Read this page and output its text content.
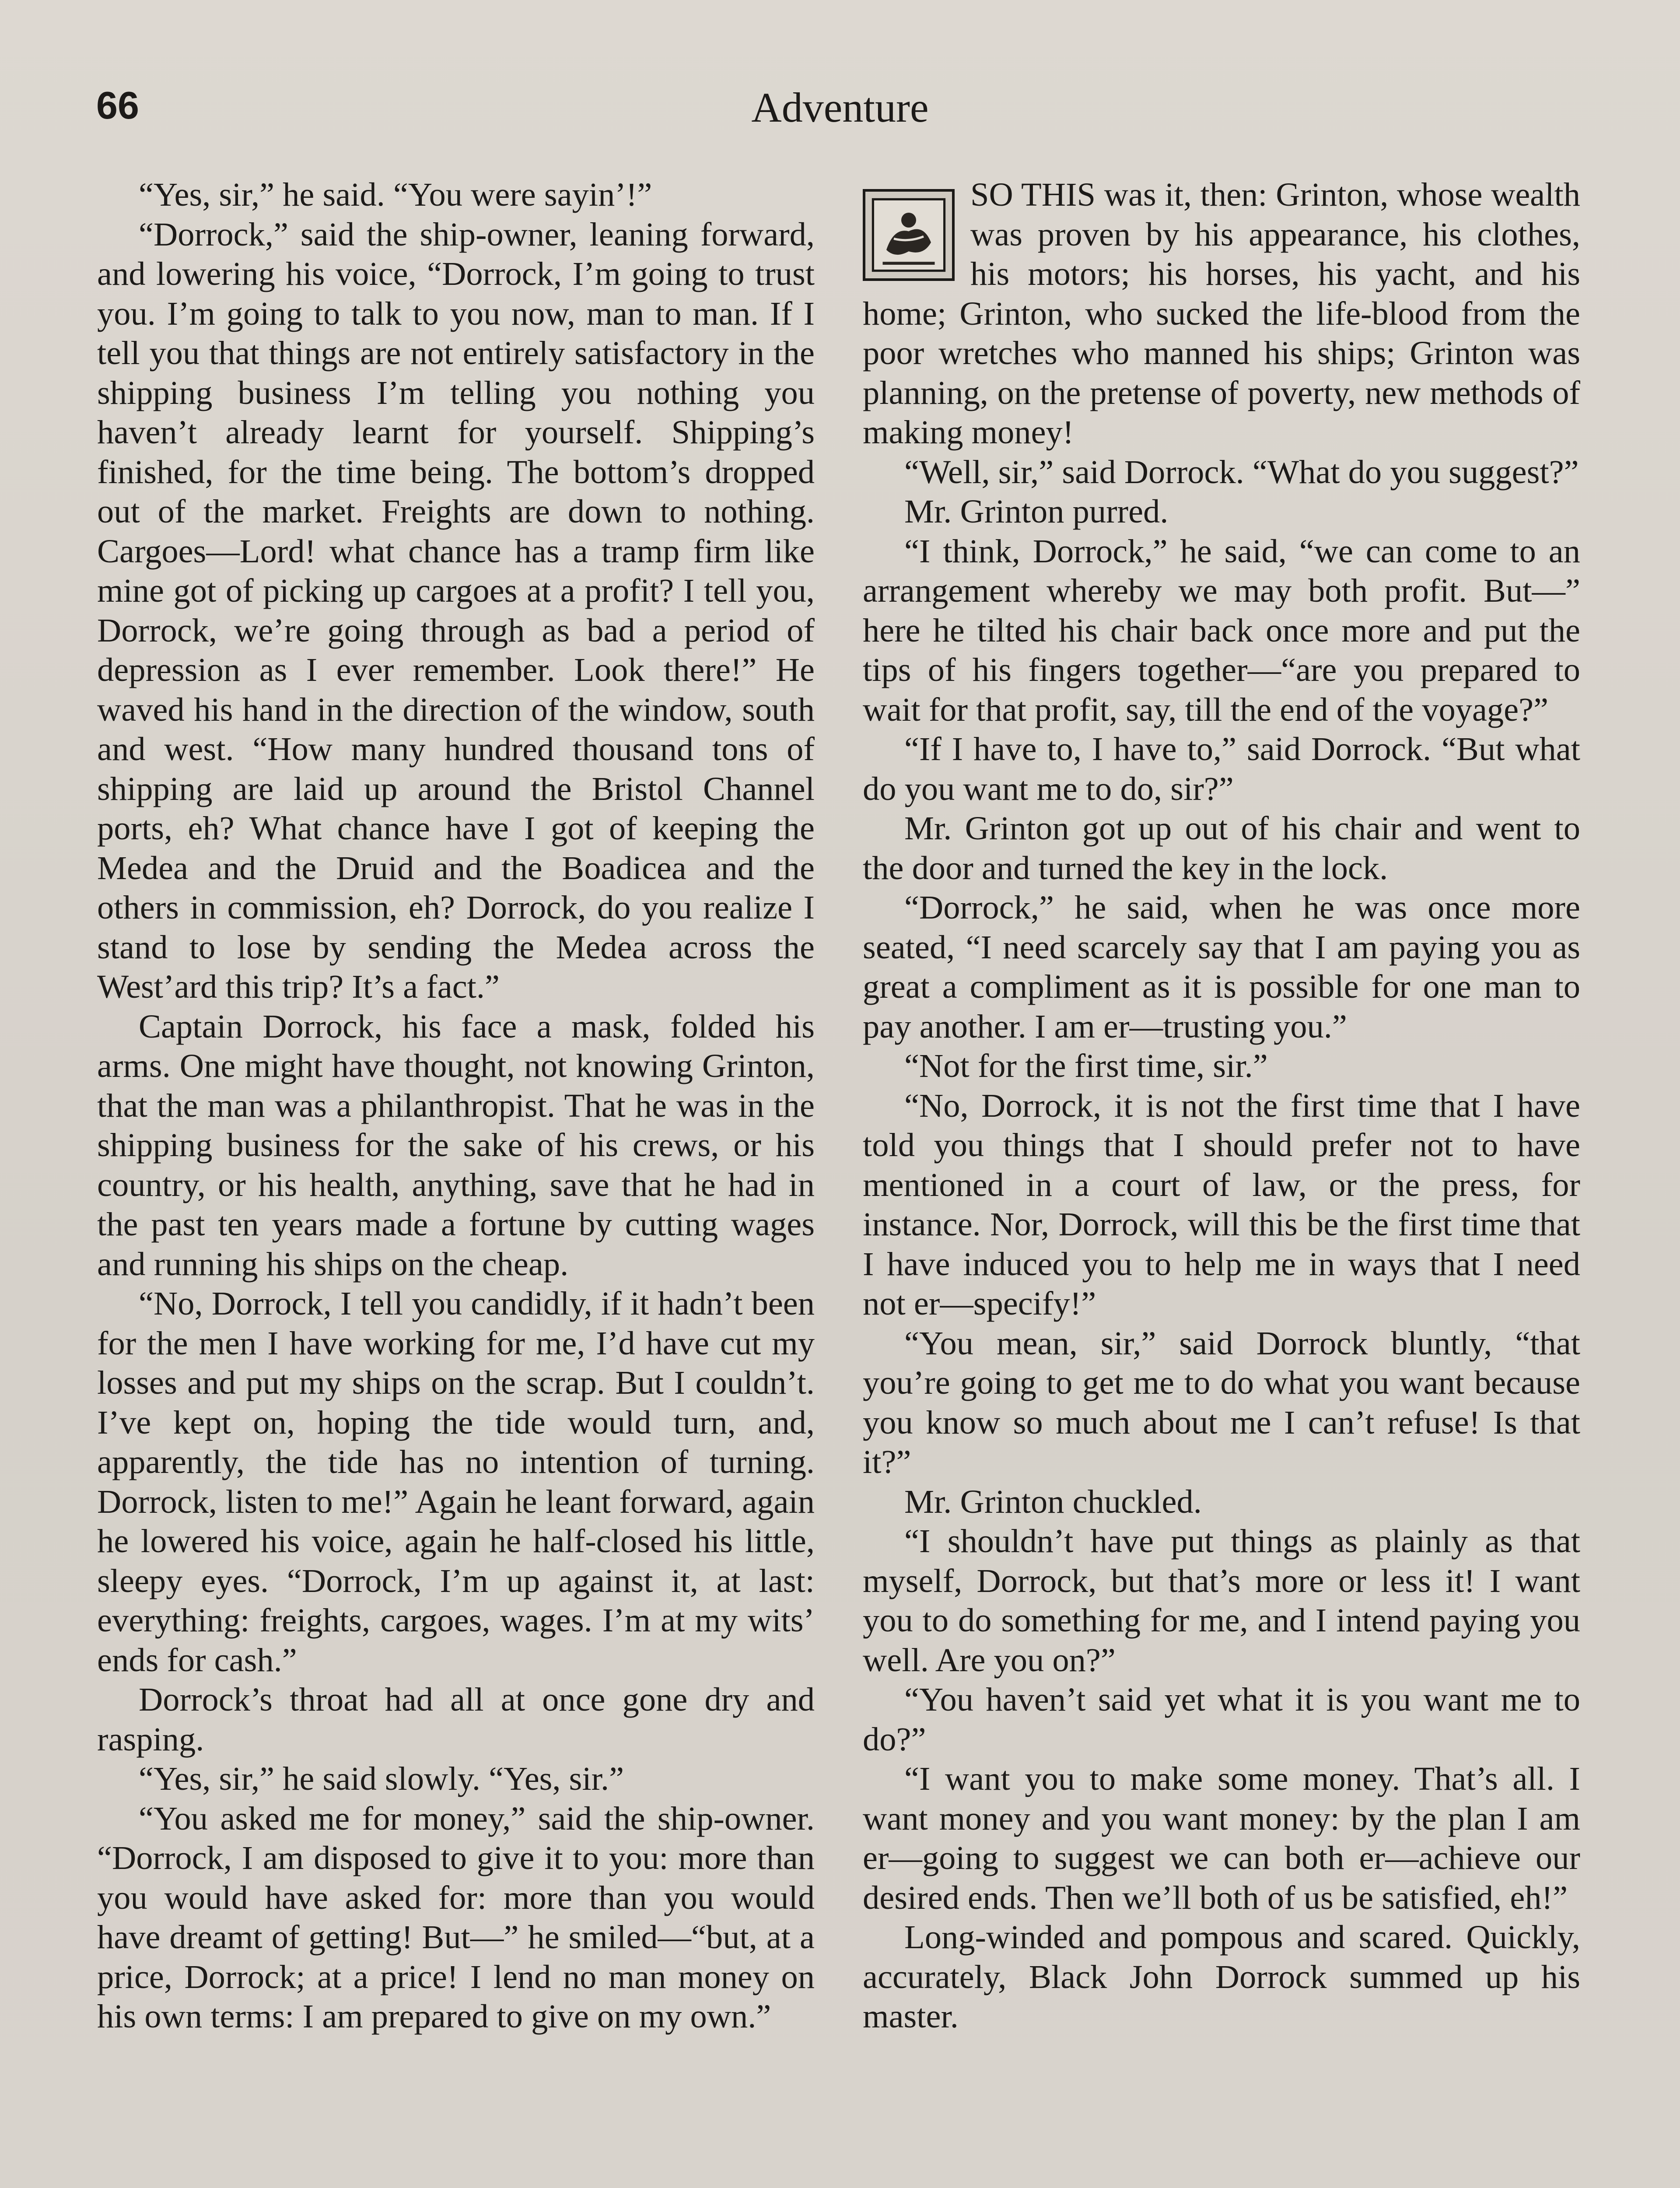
66	Adventure

“Yes, sir,” he said. “You were sayin’!”

“Dorrock,” said the ship-owner, leaning forward, and lowering his voice, “Dorrock, I’m going to trust you. I’m going to talk to you now, man to man. If I tell you that things are not entirely satisfactory in the shipping business I’m telling you nothing you haven’t already learnt for yourself. Shipping’s finished, for the time being. The bottom’s dropped out of the market. Freights are down to nothing. Cargoes—Lord! what chance has a tramp firm like mine got of picking up cargoes at a profit? I tell you, Dorrock, we’re going through as bad a period of depression as I ever remember. Look there!” He waved his hand in the direction of the window, south and west. “How many hundred thousand tons of shipping are laid up around the Bristol Channel ports, eh? What chance have I got of keeping the Medea and the Druid and the Boadicea and the others in commission, eh? Dorrock, do you realize I stand to lose by sending the Medea across the West’ard this trip? It’s a fact.”

Captain Dorrock, his face a mask, folded his arms. One might have thought, not knowing Grinton, that the man was a philanthropist. That he was in the shipping business for the sake of his crews, or his country, or his health, anything, save that he had in the past ten years made a fortune by cutting wages and running his ships on the cheap.

“No, Dorrock, I tell you candidly, if it hadn’t been for the men I have working for me, I’d have cut my losses and put my ships on the scrap. But I couldn’t. I’ve kept on, hoping the tide would turn, and, apparently, the tide has no intention of turning. Dorrock, listen to me!” Again he leant forward, again he lowered his voice, again he half-closed his little, sleepy eyes. “Dorrock, I’m up against it, at last: everything: freights, cargoes, wages. I’m at my wits’ ends for cash.”

Dorrock’s throat had all at once gone dry and rasping.

“Yes, sir,” he said slowly. “Yes, sir.”

“You asked me for money,” said the ship-owner. “Dorrock, I am disposed to give it to you: more than you would have asked for: more than you would have dreamt of getting! But—” he smiled—“but, at a price, Dorrock; at a price! I lend no man money on his own terms: I am prepared to give on my own.”

SO THIS was it, then: Grinton, whose wealth was proven by his appearance, his clothes, his motors; his horses, his yacht, and his home; Grinton, who sucked the life-blood from the poor wretches who manned his ships; Grinton was planning, on the pretense of poverty, new methods of making money!

“Well, sir,” said Dorrock. “What do you suggest?”

Mr. Grinton purred.

“I think, Dorrock,” he said, “we can come to an arrangement whereby we may both profit. But—” here he tilted his chair back once more and put the tips of his fingers together—“are you prepared to wait for that profit, say, till the end of the voyage?”

“If I have to, I have to,” said Dorrock. “But what do you want me to do, sir?”

Mr. Grinton got up out of his chair and went to the door and turned the key in the lock.

“Dorrock,” he said, when he was once more seated, “I need scarcely say that I am paying you as great a compliment as it is possible for one man to pay another. I am er—trusting you.”

“Not for the first time, sir.”

“No, Dorrock, it is not the first time that I have told you things that I should prefer not to have mentioned in a court of law, or the press, for instance. Nor, Dorrock, will this be the first time that I have induced you to help me in ways that I need not er—specify!”

“You mean, sir,” said Dorrock bluntly, “that you’re going to get me to do what you want because you know so much about me I can’t refuse! Is that it?”

Mr. Grinton chuckled.

“I shouldn’t have put things as plainly as that myself, Dorrock, but that’s more or less it! I want you to do something for me, and I intend paying you well. Are you on?”

“You haven’t said yet what it is you want me to do?”

“I want you to make some money. That’s all. I want money and you want money: by the plan I am er—going to suggest we can both er—achieve our desired ends. Then we’ll both of us be satisfied, eh!”

Long-winded and pompous and scared. Quickly, accurately, Black John Dorrock summed up his master.
